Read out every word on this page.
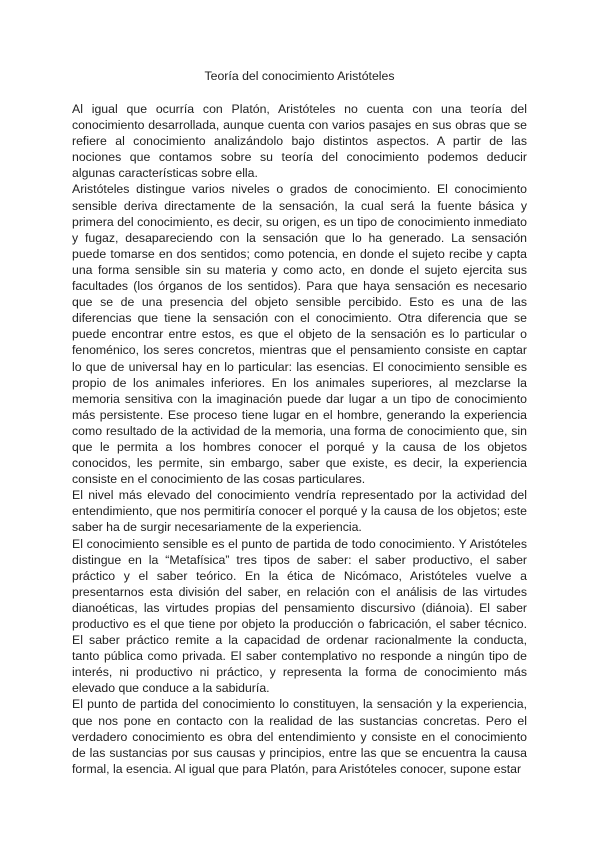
Teoría del conocimiento Aristóteles

Al igual que ocurría con Platón, Aristóteles no cuenta con una teoría del conocimiento desarrollada, aunque cuenta con varios pasajes en sus obras que se refiere al conocimiento analizándolo bajo distintos aspectos. A partir de las nociones que contamos sobre su teoría del conocimiento podemos deducir algunas características sobre ella.

Aristóteles distingue varios niveles o grados de conocimiento. El conocimiento sensible deriva directamente de la sensación, la cual será la fuente básica y primera del conocimiento, es decir, su origen, es un tipo de conocimiento inmediato y fugaz, desapareciendo con la sensación que lo ha generado. La sensación puede tomarse en dos sentidos; como potencia, en donde el sujeto recibe y capta una forma sensible sin su materia y como acto, en donde el sujeto ejercita sus facultades (los órganos de los sentidos). Para que haya sensación es necesario que se de una presencia del objeto sensible percibido. Esto es una de las diferencias que tiene la sensación con el conocimiento. Otra diferencia que se puede encontrar entre estos, es que el objeto de la sensación es lo particular o fenoménico, los seres concretos, mientras que el pensamiento consiste en captar lo que de universal hay en lo particular: las esencias. El conocimiento sensible es propio de los animales inferiores. En los animales superiores, al mezclarse la memoria sensitiva con la imaginación puede dar lugar a un tipo de conocimiento más persistente. Ese proceso tiene lugar en el hombre, generando la experiencia como resultado de la actividad de la memoria, una forma de conocimiento que, sin que le permita a los hombres conocer el porqué y la causa de los objetos conocidos, les permite, sin embargo, saber que existe, es decir, la experiencia consiste en el conocimiento de las cosas particulares.

El nivel más elevado del conocimiento vendría representado por la actividad del entendimiento, que nos permitiría conocer el porqué y la causa de los objetos; este saber ha de surgir necesariamente de la experiencia.

El conocimiento sensible es el punto de partida de todo conocimiento. Y Aristóteles distingue en la “Metafísica” tres tipos de saber: el saber productivo, el saber práctico y el saber teórico. En la ética de Nicómaco, Aristóteles vuelve a presentarnos esta división del saber, en relación con el análisis de las virtudes dianoéticas, las virtudes propias del pensamiento discursivo (diánoia). El saber productivo es el que tiene por objeto la producción o fabricación, el saber técnico. El saber práctico remite a la capacidad de ordenar racionalmente la conducta, tanto pública como privada. El saber contemplativo no responde a ningún tipo de interés, ni productivo ni práctico, y representa la forma de conocimiento más elevado que conduce a la sabiduría.

El punto de partida del conocimiento lo constituyen, la sensación y la experiencia, que nos pone en contacto con la realidad de las sustancias concretas. Pero el verdadero conocimiento es obra del entendimiento y consiste en el conocimiento de las sustancias por sus causas y principios, entre las que se encuentra la causa formal, la esencia. Al igual que para Platón, para Aristóteles conocer, supone estar
